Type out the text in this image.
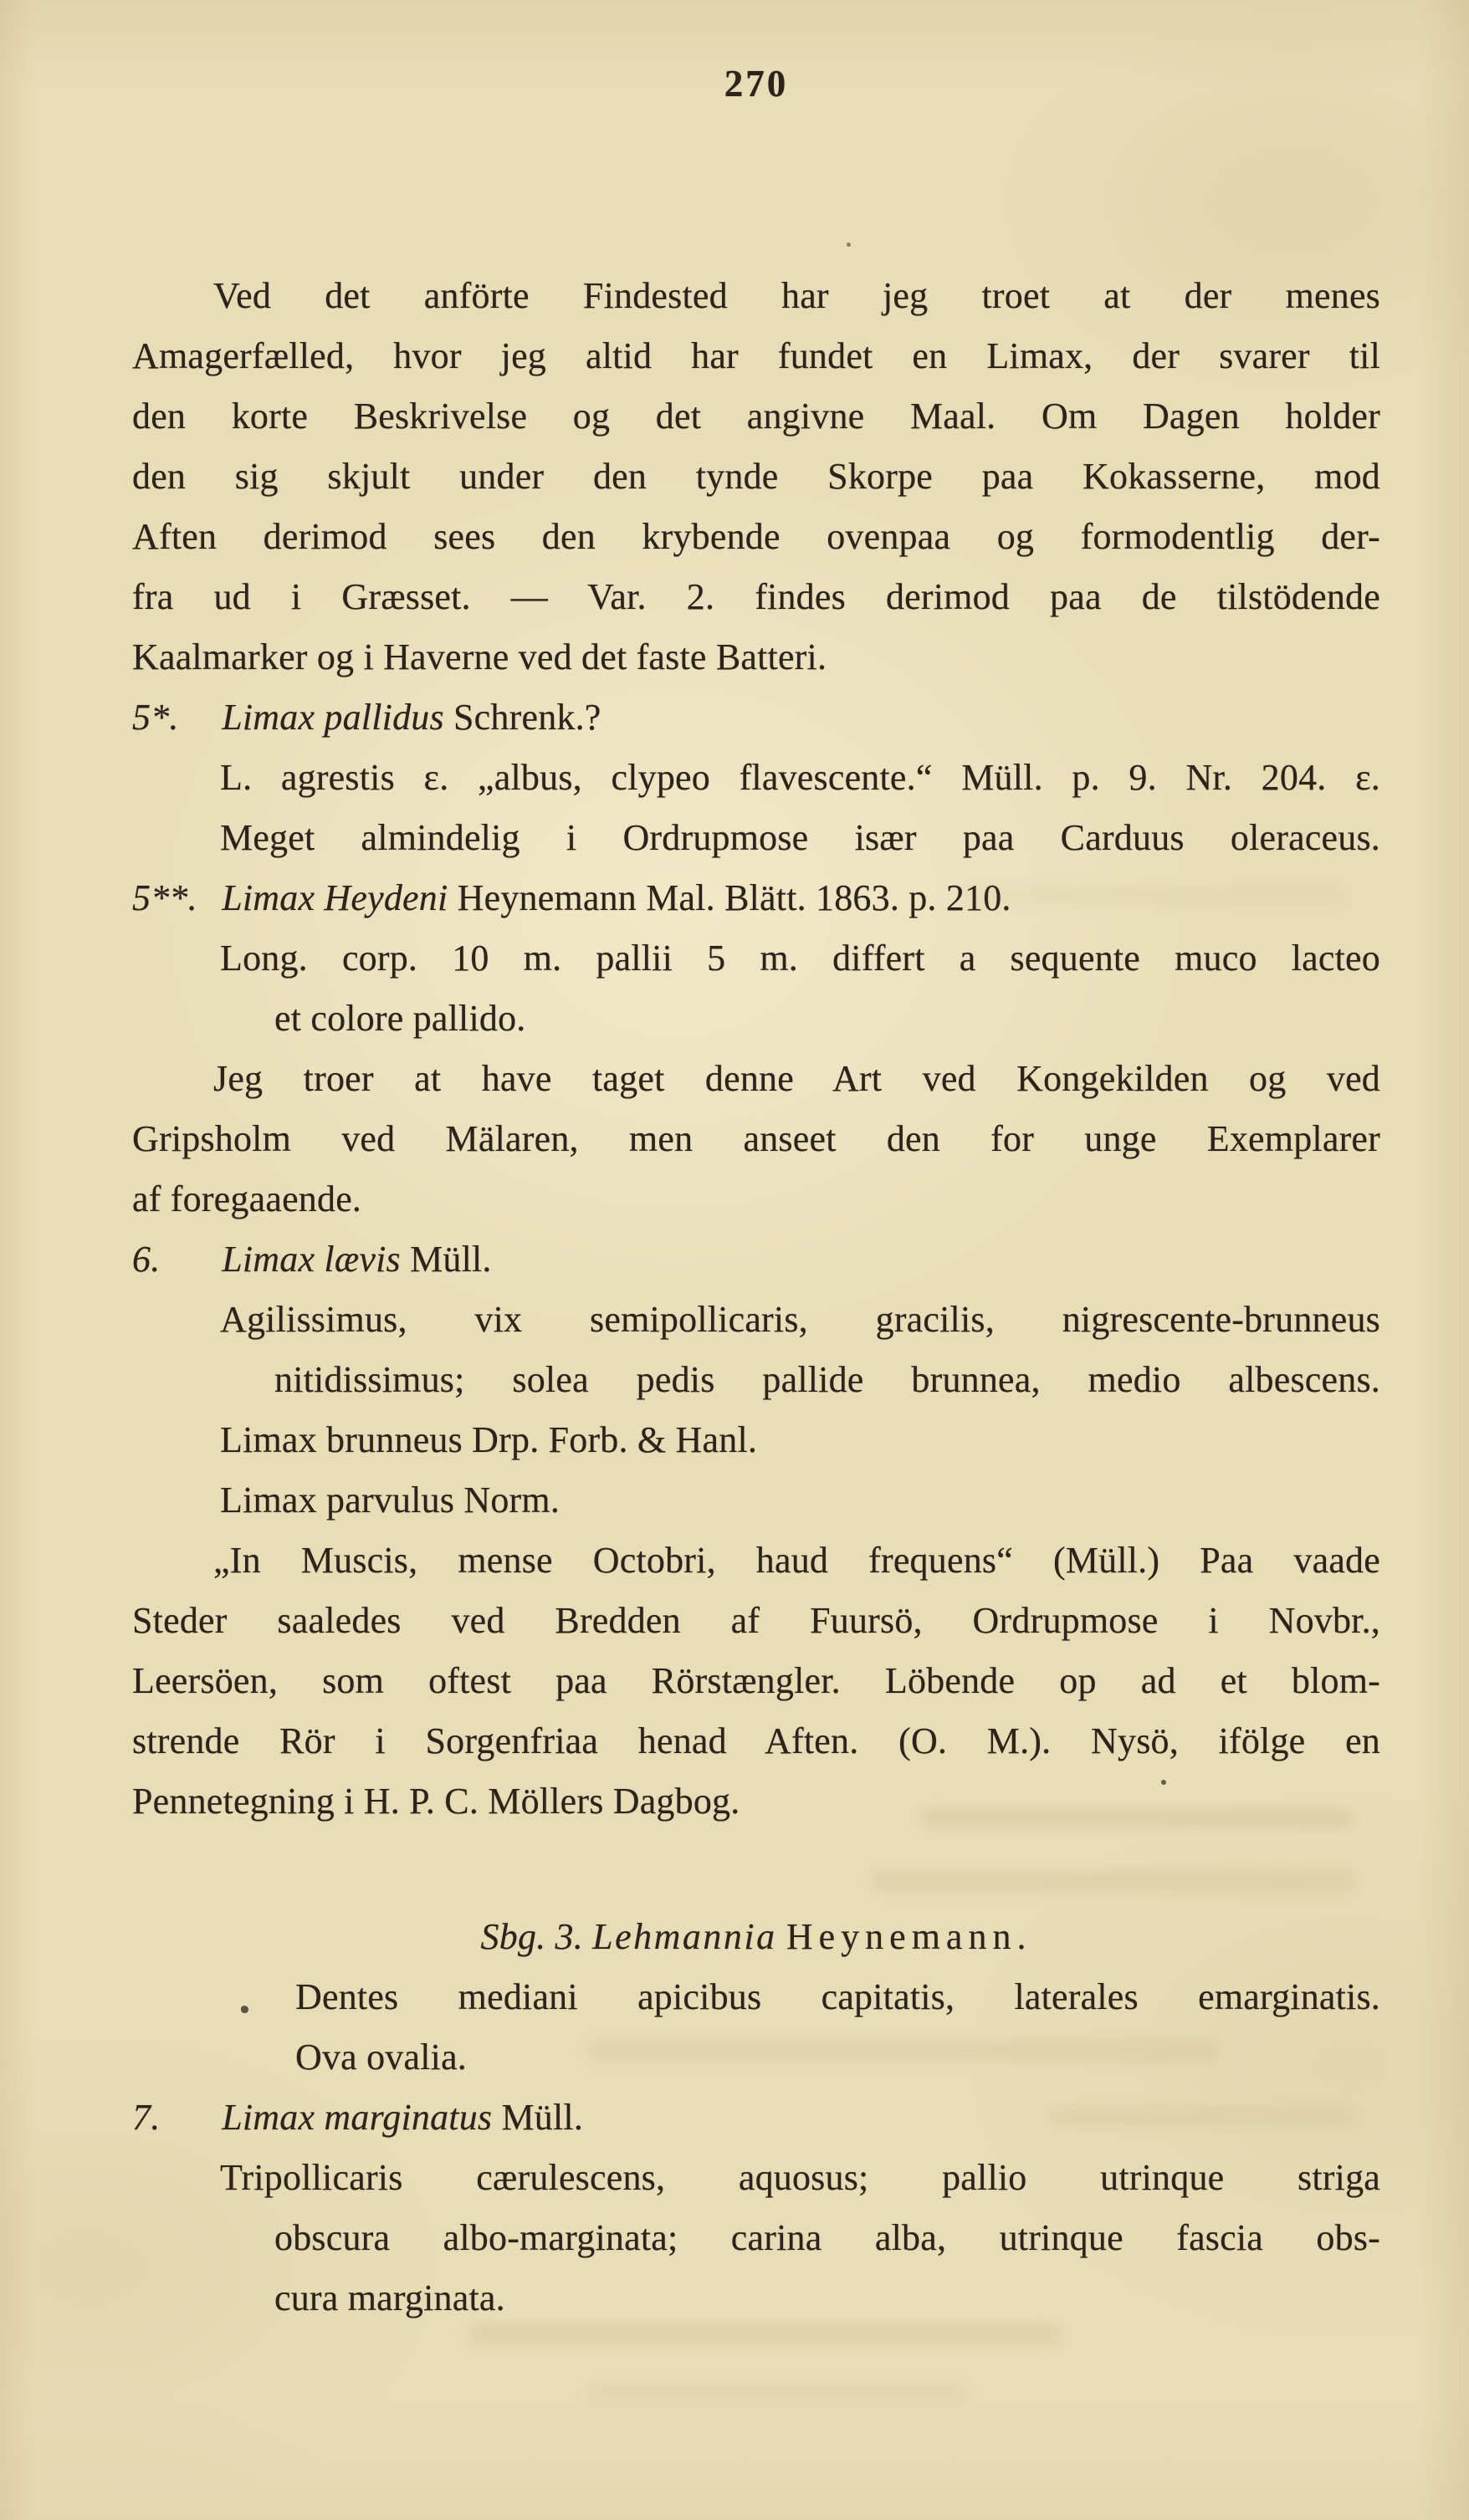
270
Ved det anförte Findested har jeg troet at der menes
Amagerfælled, hvor jeg altid har fundet en Limax, der svarer til
den korte Beskrivelse og det angivne Maal. Om Dagen holder
den sig skjult under den tynde Skorpe paa Kokasserne, mod
Aften derimod sees den krybende ovenpaa og formodentlig der-
fra ud i Græsset. — Var. 2. findes derimod paa de tilstödende
Kaalmarker og i Haverne ved det faste Batteri.
5*. Limax pallidus Schrenk.?
L. agrestis ε. „albus, clypeo flavescente.“ Müll. p. 9. Nr. 204. ε.
Meget almindelig i Ordrupmose især paa Carduus oleraceus.
5**. Limax Heydeni Heynemann Mal. Blätt. 1863. p. 210.
Long. corp. 10 m. pallii 5 m. differt a sequente muco lacteo
et colore pallido.
Jeg troer at have taget denne Art ved Kongekilden og ved
Gripsholm ved Mälaren, men anseet den for unge Exemplarer
af foregaaende.
6. Limax lævis Müll.
Agilissimus, vix semipollicaris, gracilis, nigrescente-brunneus
nitidissimus; solea pedis pallide brunnea, medio albescens.
Limax brunneus Drp. Forb. & Hanl.
Limax parvulus Norm.
„In Muscis, mense Octobri, haud frequens“ (Müll.) Paa vaade
Steder saaledes ved Bredden af Fuursö, Ordrupmose i Novbr.,
Leersöen, som oftest paa Rörstængler. Löbende op ad et blom-
strende Rör i Sorgenfriaa henad Aften. (O. M.). Nysö, ifölge en
Pennetegning i H. P. C. Möllers Dagbog.
Sbg. 3. Lehmannia Heynemann.
Dentes mediani apicibus capitatis, laterales emarginatis.
Ova ovalia.
7. Limax marginatus Müll.
Tripollicaris cærulescens, aquosus; pallio utrinque striga
obscura albo-marginata; carina alba, utrinque fascia obs-
cura marginata.
